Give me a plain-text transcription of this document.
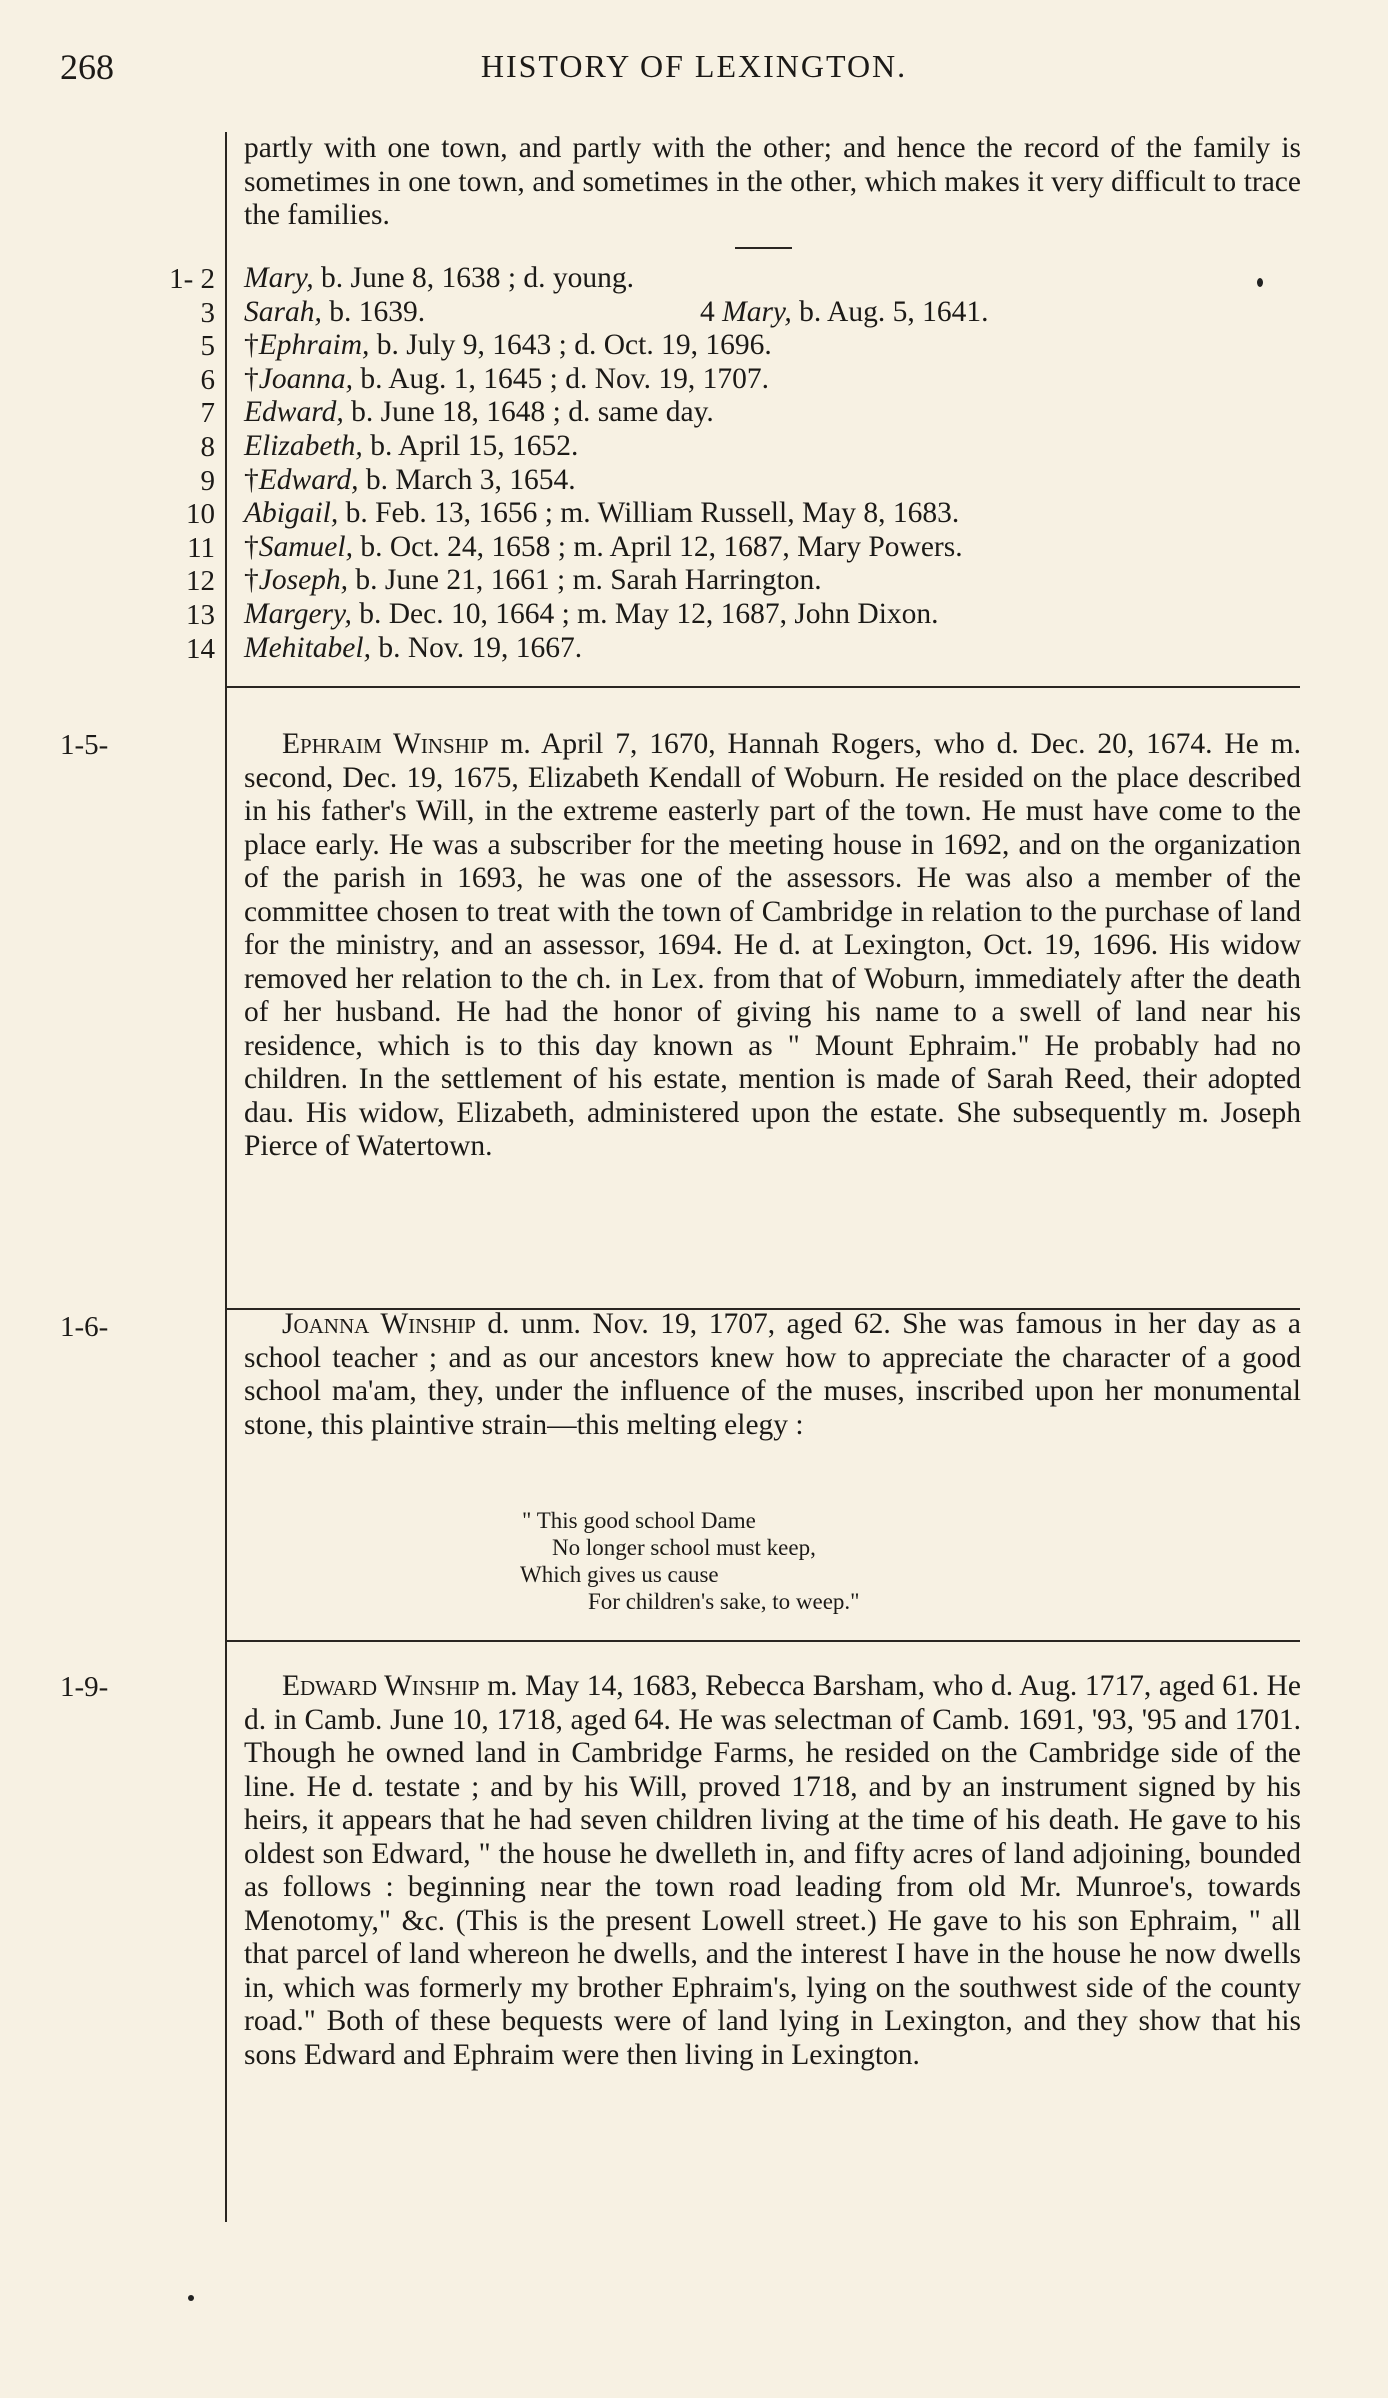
268	HISTORY OF LEXINGTON.
partly with one town, and partly with the other; and hence the record of the family is sometimes in one town, and sometimes in the other, which makes it very difficult to trace the families.
1- 2 Mary, b. June 8, 1638 ; d. young.
3 Sarah, b. 1639.	4 Mary, b. Aug. 5, 1641.
5 †Ephraim, b. July 9, 1643 ; d. Oct. 19, 1696.
6 †Joanna, b. Aug. 1, 1645 ; d. Nov. 19, 1707.
7 Edward, b. June 18, 1648 ; d. same day.
8 Elizabeth, b. April 15, 1652.
9 †Edward, b. March 3, 1654.
10 Abigail, b. Feb. 13, 1656 ; m. William Russell, May 8, 1683.
11 †Samuel, b. Oct. 24, 1658 ; m. April 12, 1687, Mary Powers.
12 †Joseph, b. June 21, 1661 ; m. Sarah Harrington.
13 Margery, b. Dec. 10, 1664 ; m. May 12, 1687, John Dixon.
14 Mehitabel, b. Nov. 19, 1667.
1-5-	Ephraim Winship m. April 7, 1670, Hannah Rogers, who d. Dec. 20, 1674. He m. second, Dec. 19, 1675, Elizabeth Kendall of Woburn. He resided on the place described in his father's Will, in the extreme easterly part of the town. He must have come to the place early. He was a subscriber for the meeting house in 1692, and on the organization of the parish in 1693, he was one of the assessors. He was also a member of the committee chosen to treat with the town of Cambridge in relation to the purchase of land for the ministry, and an assessor, 1694. He d. at Lexington, Oct. 19, 1696. His widow removed her relation to the ch. in Lex. from that of Woburn, immediately after the death of her husband. He had the honor of giving his name to a swell of land near his residence, which is to this day known as " Mount Ephraim." He probably had no children. In the settlement of his estate, mention is made of Sarah Reed, their adopted dau. His widow, Elizabeth, administered upon the estate. She subsequently m. Joseph Pierce of Watertown.

1-6-	Joanna Winship d. unm. Nov. 19, 1707, aged 62. She was famous in her day as a school teacher ; and as our ancestors knew how to appreciate the character of a good school ma'am, they, under the influence of the muses, inscribed upon her monumental stone, this plaintive strain—this melting elegy :

" This good school Dame
No longer school must keep,
Which gives us cause
For children's sake, to weep."
1-9-	Edward Winship m. May 14, 1683, Rebecca Barsham, who d. Aug. 1717, aged 61. He d. in Camb. June 10, 1718, aged 64. He was selectman of Camb. 1691, '93, '95 and 1701. Though he owned land in Cambridge Farms, he resided on the Cambridge side of the line. He d. testate ; and by his Will, proved 1718, and by an instrument signed by his heirs, it appears that he had seven children living at the time of his death. He gave to his oldest son Edward, " the house he dwelleth in, and fifty acres of land adjoining, bounded as follows : beginning near the town road leading from old Mr. Munroe's, towards Menotomy," &c. (This is the present Lowell street.) He gave to his son Ephraim, " all that parcel of land whereon he dwells, and the interest I have in the house he now dwells in, which was formerly my brother Ephraim's, lying on the southwest side of the county road." Both of these bequests were of land lying in Lexington, and they show that his sons Edward and Ephraim were then living in Lexington.
